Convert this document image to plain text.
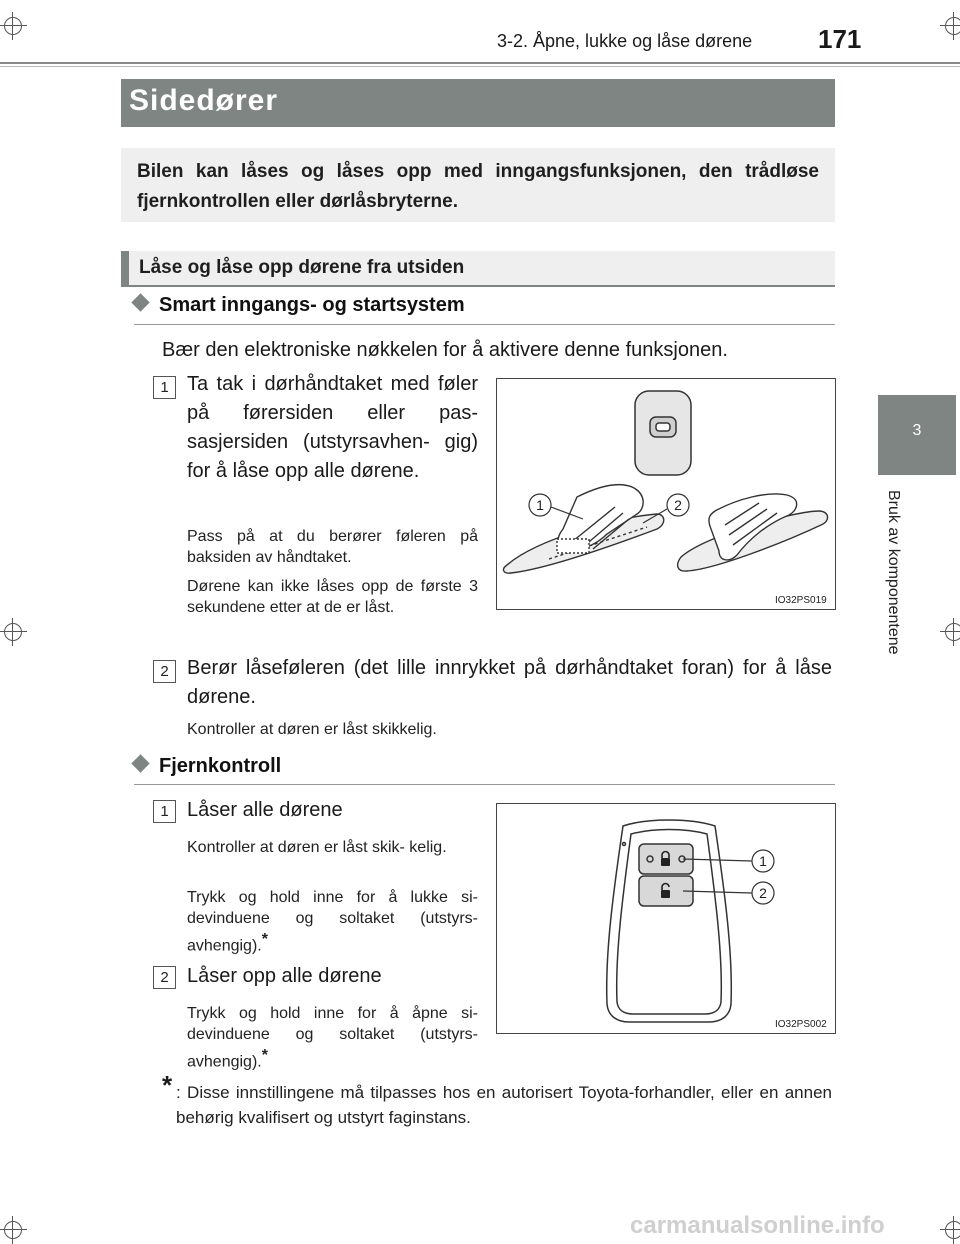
3-2. Åpne, lukke og låse dørene	171
3
Bruk av komponentene
Sidedører

Bilen kan låses og låses opp med inngangsfunksjonen, den trådløse fjernkontrollen eller dørlåsbryterne.

Låse og låse opp dørene fra utsiden
Smart inngangs- og startsystem
Bær den elektroniske nøkkelen for å aktivere denne funksjonen.
1 Ta tak i dørhåndtaket med føler på førersiden eller pas- sasjersiden (utstyrsavhen- gig) for å låse opp alle dørene.
Pass på at du berører føleren på baksiden av håndtaket.
Dørene kan ikke låses opp de første 3 sekundene etter at de er låst.
1	2
IO32PS019
2 Berør låseføleren (det lille innrykket på dørhåndtaket foran) for å låse dørene.
Kontroller at døren er låst skikkelig.
Fjernkontroll
1 Låser alle dørene
Kontroller at døren er låst skik- kelig.
Trykk og hold inne for å lukke si- devinduene og soltaket (utstyrs- avhengig).*
2 Låser opp alle dørene
Trykk og hold inne for å åpne si- devinduene og soltaket (utstyrs- avhengig).*
1
2
IO32PS002
* : Disse innstillingene må tilpasses hos en autorisert Toyota-forhandler, eller en annen behørig kvalifisert og utstyrt faginstans.
carmanualsonline.info
